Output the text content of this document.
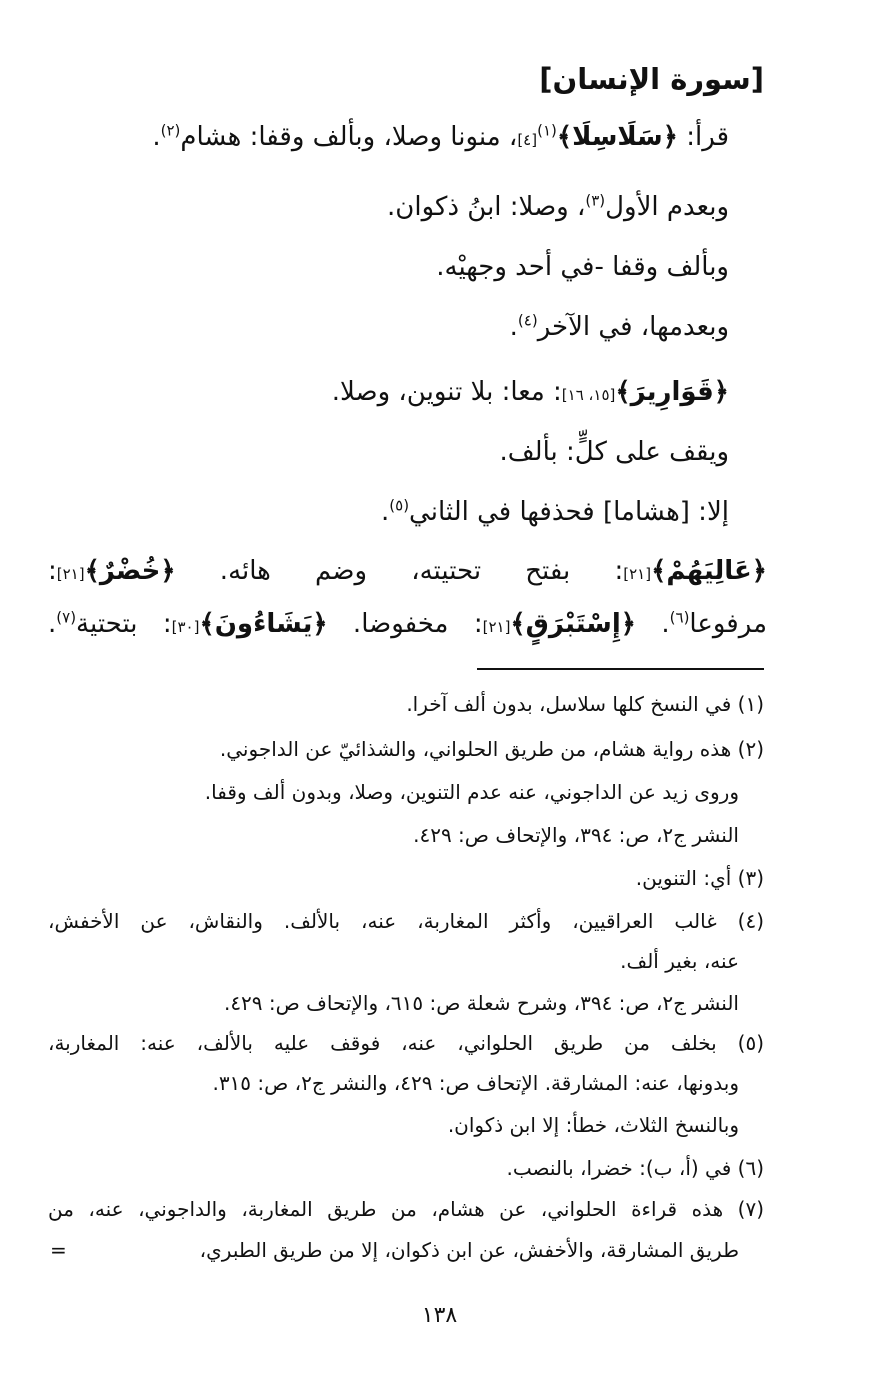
[سورة الإنسان]
قرأ: ﴿سَلَاسِلَا﴾$^{(١)}$[٤]، منونا وصلا، وبألف وقفا: هشام$^{(٢)}$.
وبعدم الأول$^{(٣)}$، وصلا: ابنُ ذكوان.
وبألف وقفا -في أحد وجهيْه.
وبعدمها، في الآخر$^{(٤)}$.
﴿قَوَارِيرَ﴾[١٥، ١٦]: معا: بلا تنوين، وصلا.
ويقف على كلٍّ: بألف.
إلا: [هشاما] فحذفها في الثاني$^{(٥)}$.
﴿عَالِيَهُمْ﴾[٢١]: بفتح تحتيته، وضم هائه. ﴿خُضْرٌ﴾[٢١]:
مرفوعا$^{(٦)}$. ﴿إِسْتَبْرَقٍ﴾[٢١]: مخفوضا. ﴿يَشَاءُونَ﴾[٣٠]: بتحتية$^{(٧)}$.
(١) في النسخ كلها سلاسل، بدون ألف آخرا.
(٢) هذه رواية هشام، من طريق الحلواني، والشذائيّ عن الداجوني.
وروى زيد عن الداجوني، عنه عدم التنوين، وصلا، وبدون ألف وقفا.
النشر ج٢، ص: ٣٩٤، والإتحاف ص: ٤٢٩.
(٣) أي: التنوين.
(٤) غالب العراقيين، وأكثر المغاربة، عنه، بالألف. والنقاش، عن الأخفش،
عنه، بغير ألف.
النشر ج٢، ص: ٣٩٤، وشرح شعلة ص: ٦١٥، والإتحاف ص: ٤٢٩.
(٥) بخلف من طريق الحلواني، عنه، فوقف عليه بالألف، عنه: المغاربة،
وبدونها، عنه: المشارقة. الإتحاف ص: ٤٢٩، والنشر ج٢، ص: ٣١٥.
وبالنسخ الثلاث، خطأ: إلا ابن ذكوان.
(٦) في (أ، ب): خضرا، بالنصب.
(٧) هذه قراءة الحلواني، عن هشام، من طريق المغاربة، والداجوني، عنه، من
طريق المشارقة، والأخفش، عن ابن ذكوان، إلا من طريق الطبري،
=
١٣٨
